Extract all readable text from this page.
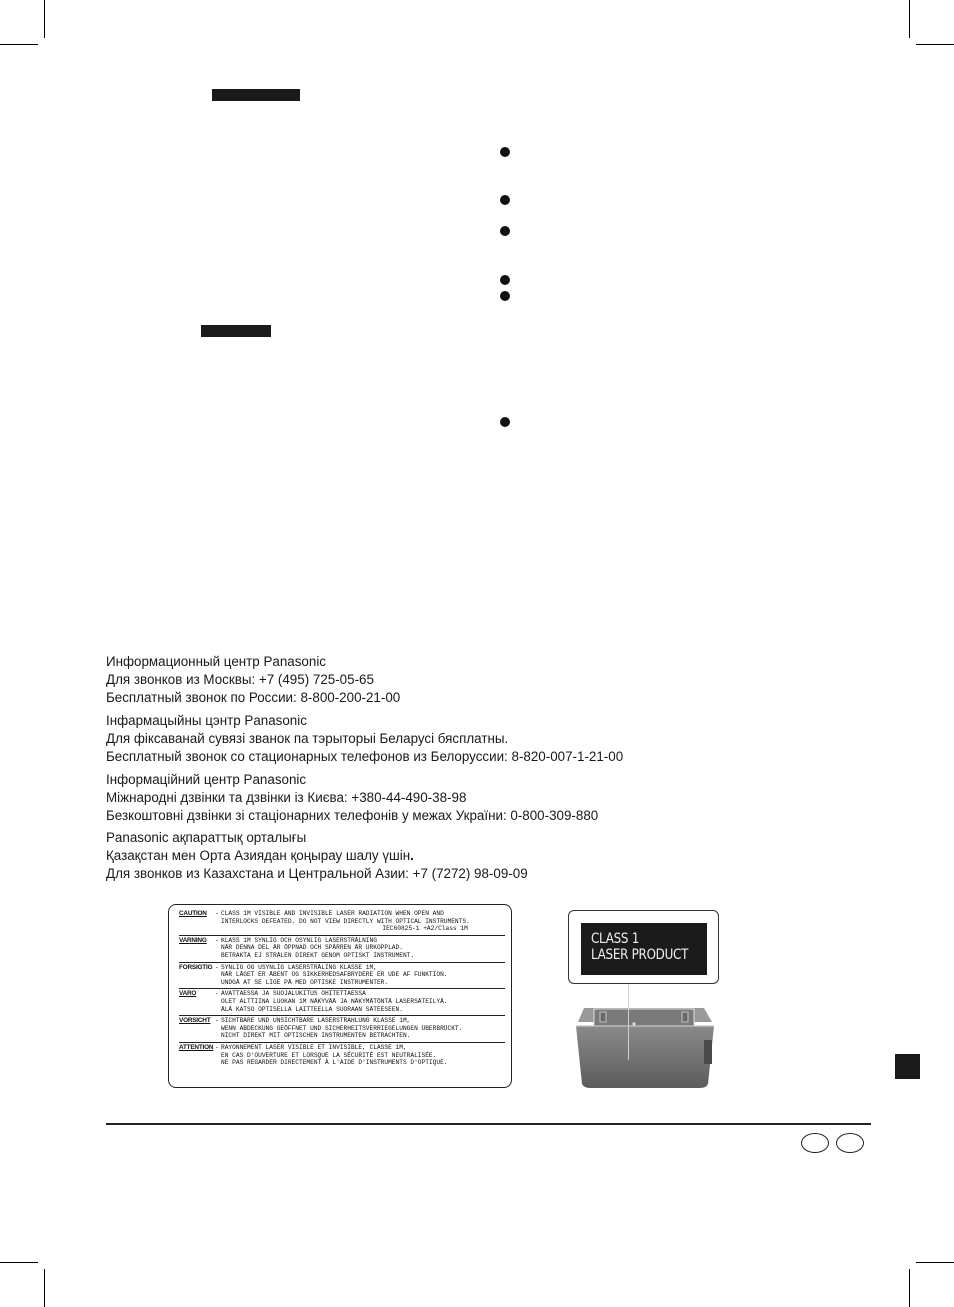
Информационный центр Panasonic
Для звонков из Москвы: +7 (495) 725-05-65
Бесплатный звонок по России: 8-800-200-21-00
Інфармацыйны цэнтр Panasonic
Для фіксаванай сувязі званок па тэрыторыі Беларусі бясплатны.
Бесплатный звонок со стационарных телефонов из Белоруссии: 8-820-007-1-21-00
Інформаційний центр Panasonic
Міжнародні дзвінки та дзвінки із Києва: +380-44-490-38-98
Безкоштовні дзвінки зі стаціонарних телефонів у межах України: 0-800-309-880
Panasonic ақпараттық орталығы
Қазақстан мен Орта Азиядан қоңырау шалу үшін.
Для звонков из Казахстана и Центральной Азии: +7 (7272) 98-09-09
CAUTION	- CLASS 1M VISIBLE AND INVISIBLE LASER RADIATION WHEN OPEN AND
INTERLOCKS DEFEATED. DO NOT VIEW DIRECTLY WITH OPTICAL INSTRUMENTS.
IEC60825-1 +A2/Class 1M
VARNING	- KLASS 1M SYNLIG OCH OSYNLIG LASERSTRÅLNING
NÄR DENNA DEL ÄR ÖPPNAD OCH SPÄRREN ÄR URKOPPLAD.
BETRAKTA EJ STRÅLEN DIREKT GENOM OPTISKT INSTRUMENT.
FORSIGTIG - SYNLIG OG USYNLIG LASERSTRÅLING KLASSE 1M,
NÅR LÅGET ER ÅBENT OG SIKKERHEDSAFBRYDERE ER UDE AF FUNKTION.
UNDGÅ AT SE LIGE PÅ MED OPTISKE INSTRUMENTER.
VARO	- AVATTAESSA JA SUOJALUKITUS OHITETTAESSA
OLET ALTTIINA LUOKAN 1M NÄKYVÄÄ JA NÄKYMÄTÖNTÄ LASERSÄTEILYÄ.
ÄLÄ KATSO OPTISELLA LAITTEELLA SUORAAN SÄTEESEEN.
VORSICHT - SICHTBARE UND UNSICHTBARE LASERSTRAHLUNG KLASSE 1M,
WENN ABDECKUNG GEÖFFNET UND SICHERHEITSVERRIEGELUNGEN ÜBERBRÜCKT.
NICHT DIREKT MIT OPTISCHEN INSTRUMENTEN BETRACHTEN.
ATTENTION - RAYONNEMENT LASER VISIBLE ET INVISIBLE, CLASSE 1M,
EN CAS D'OUVERTURE ET LORSQUE LA SÉCURITÉ EST NEUTRALISÉE.
NE PAS REGARDER DIRECTEMENT À L'AIDE D'INSTRUMENTS D'OPTIQUE.
CLASS 1
LASER PRODUCT
